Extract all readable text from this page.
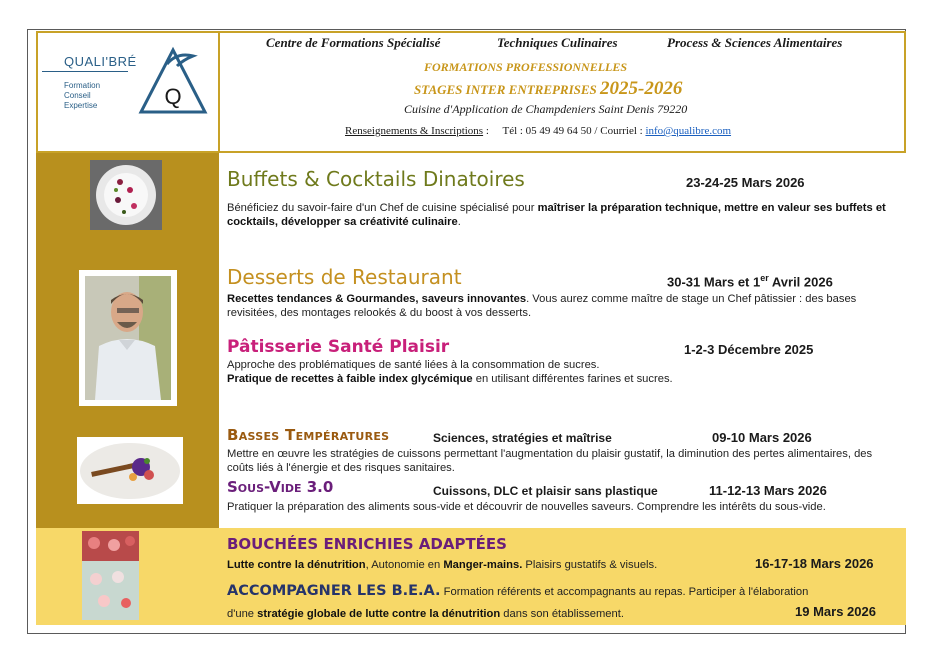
QUALI'BRÉ
Formation
Conseil
Expertise	Q
Centre de Formations Spécialisé	Techniques Culinaires	Process & Sciences Alimentaires
FORMATIONS PROFESSIONNELLES
STAGES INTER ENTREPRISES 2025-2026
Cuisine d'Application de Champdeniers Saint Denis 79220
Renseignements & Inscriptions : Tél : 05 49 49 64 50 / Courriel : info@qualibre.com
Buffets & Cocktails Dinatoires	23-24-25 Mars 2026
Bénéficiez du savoir-faire d'un Chef de cuisine spécialisé pour maîtriser la préparation technique, mettre en valeur ses buffets et cocktails, développer sa créativité culinaire.
Desserts de Restaurant	30-31 Mars et 1er Avril 2026
Recettes tendances & Gourmandes, saveurs innovantes. Vous aurez comme maître de stage un Chef pâtissier : des bases revisitées, des montages relookés & du boost à vos desserts.
Pâtisserie Santé Plaisir	1-2-3 Décembre 2025
Approche des problématiques de santé liées à la consommation de sucres.
Pratique de recettes à faible index glycémique en utilisant différentes farines et sucres.
Basses Températures	Sciences, stratégies et maîtrise	09-10 Mars 2026
Mettre en œuvre les stratégies de cuissons permettant l'augmentation du plaisir gustatif, la diminution des pertes alimentaires, des coûts liés à l'énergie et des risques sanitaires.
Sous-Vide 3.0	Cuissons, DLC et plaisir sans plastique	11-12-13 Mars 2026
Pratiquer la préparation des aliments sous-vide et découvrir de nouvelles saveurs. Comprendre les intérêts du sous-vide.
BOUCHÉES ENRICHIES ADAPTÉES
Lutte contre la dénutrition, Autonomie en Manger-mains. Plaisirs gustatifs & visuels.	16-17-18 Mars 2026
ACCOMPAGNER LES B.E.A. Formation référents et accompagnants au repas. Participer à l'élaboration
d'une stratégie globale de lutte contre la dénutrition dans son établissement.	19 Mars 2026
